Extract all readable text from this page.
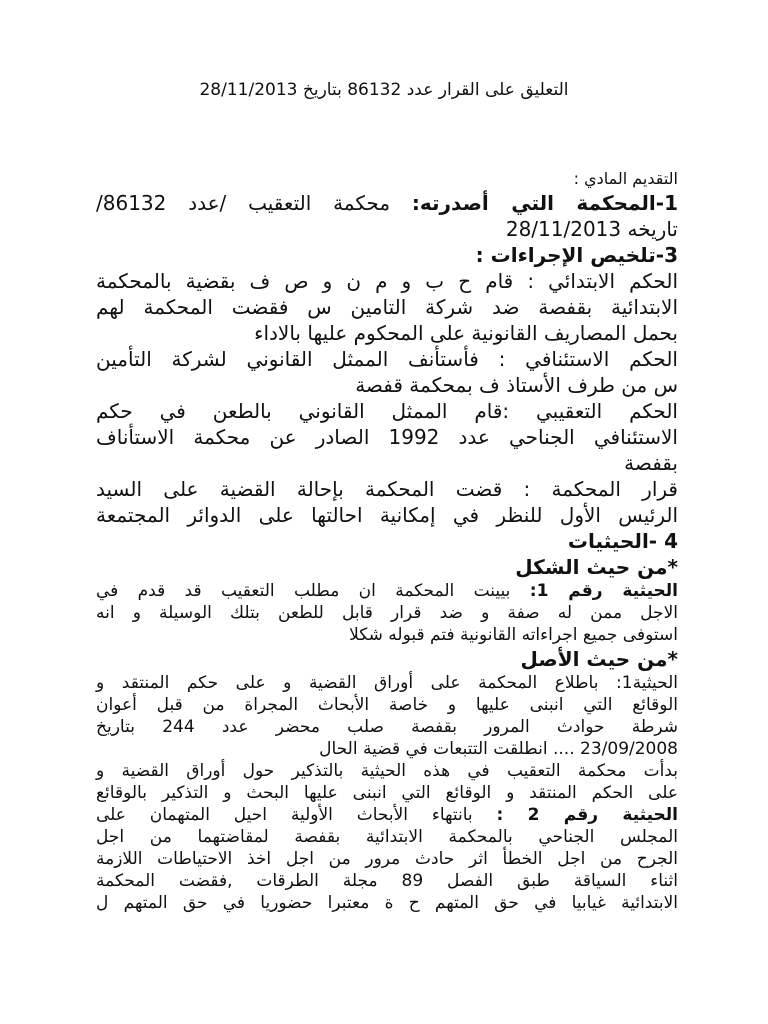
التعليق على القرار عدد 86132 بتاريخ 28/11/2013
التقديم المادي :
1-المحكمة التي أصدرته: محكمة التعقيب /عدد 86132/
تاريخه 28/11/2013
3-تلخيص الإجراءات :
الحكم الابتدائي : قام ح ب و م ن و ص ف بقضية بالمحكمة
الابتدائية بقفصة ضد شركة التامين س فقضت المحكمة لهم
بحمل المصاريف القانونية على المحكوم عليها بالاداء
الحكم الاستئنافي : فأستأنف الممثل القانوني لشركة التأمين
س من طرف الأستاذ ف بمحكمة قفصة
الحكم التعقيبي :قام الممثل القانوني بالطعن في حكم
الاستئنافي الجناحي عدد 1992 الصادر عن محكمة الاستأناف
بقفصة
قرار المحكمة : قضت المحكمة بإحالة القضية على السيد
الرئيس الأول للنظر في إمكانية احالتها على الدوائر المجتمعة
4 -الحيثيات
*من حيث الشكل
الحيثية رقم 1: بيينت المحكمة ان مطلب التعقيب قد قدم في
الاجل ممن له صفة و ضد قرار قابل للطعن بتلك الوسيلة و انه
استوفى جميع اجراءاته القانونية فتم قبوله شكلا
*من حيث الأصل
الحيثية1: باطلاع المحكمة على أوراق القضية و على حكم المنتقد و
الوقائع التي انبنى عليها و خاصة الأبحاث المجراة من قبل أعوان
شرطة حوادث المرور بقفصة صلب محضر عدد 244 بتاريخ
23/09/2008 .... انطلقت التتبعات في قضية الحال
بدأت محكمة التعقيب في هذه الحيثية بالتذكير حول أوراق القضية و
على الحكم المنتقد و الوقائع التي انبنى عليها البحث و التذكير بالوقائع
الحيثية رقم 2 : بانتهاء الأبحاث الأولية احيل المتهمان على
المجلس الجناحي بالمحكمة الابتدائية بقفصة لمقاضتهما من اجل
الجرح من اجل الخطأ اثر حادث مرور من اجل اخذ الاحتياطات اللازمة
اثناء السياقة طبق الفصل 89 مجلة الطرقات ,فقضت المحكمة
الابتدائية غيابيا في حق المتهم ح ة معتبرا حضوريا في حق المتهم ل
